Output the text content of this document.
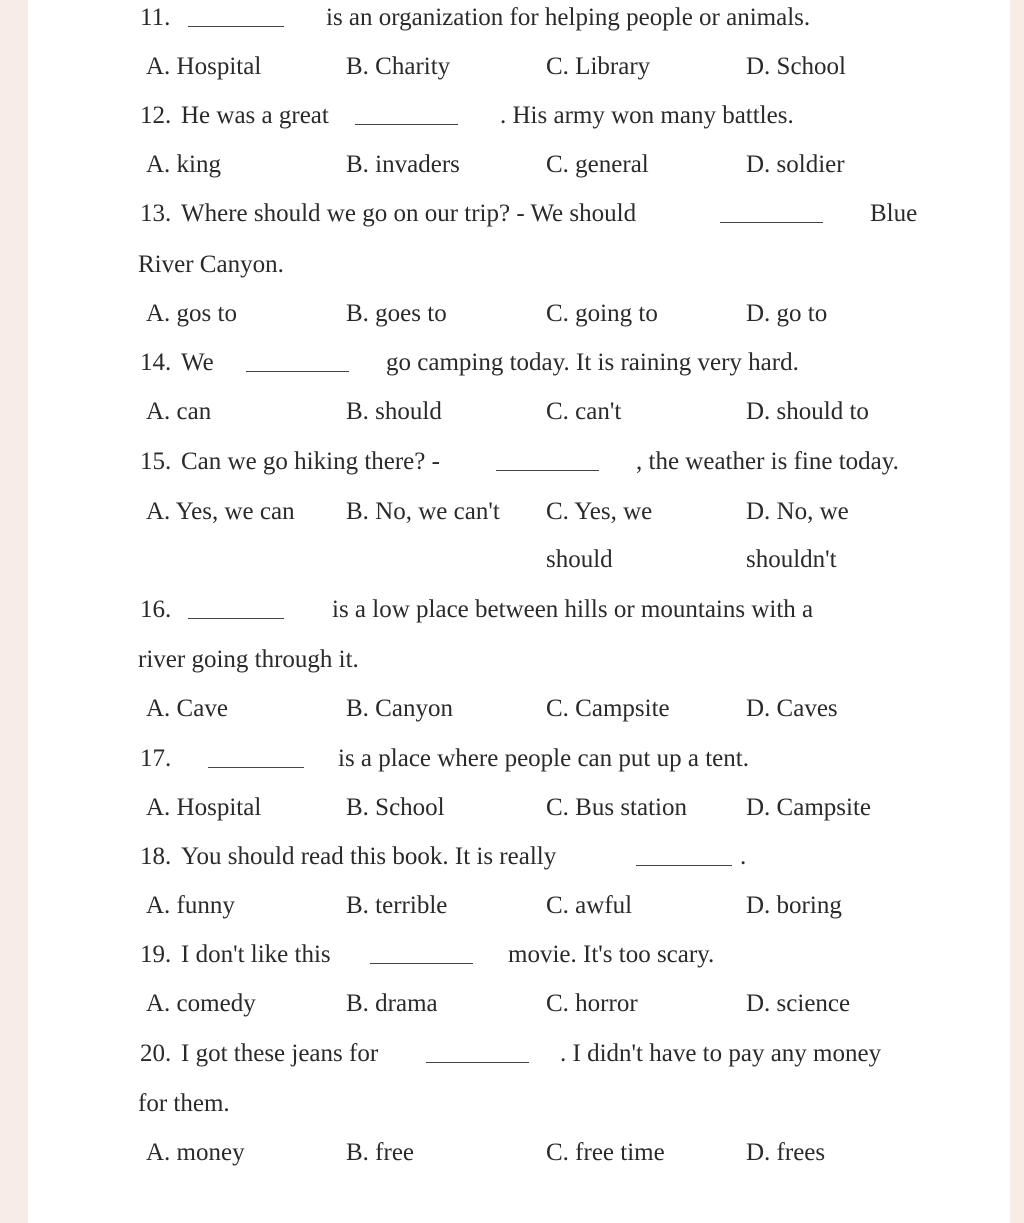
11.	is an organization for helping people or animals.
A. Hospital	B. Charity	C. Library	D. School
12. He was a great	. His army won many battles.
A. king	B. invaders	C. general	D. soldier
13. Where should we go on our trip? - We should	Blue
River Canyon.
A. gos to	B. goes to	C. going to	D. go to
14. We	go camping today. It is raining very hard.
A. can	B. should	C. can't	D. should to
15. Can we go hiking there? -	, the weather is fine today.
A. Yes, we can B. No, we can't C. Yes, we	D. No, we
should	shouldn't
16.	is a low place between hills or mountains with a
river going through it.
A. Cave	B. Canyon	C. Campsite	D. Caves
17.	is a place where people can put up a tent.
A. Hospital	B. School	C. Bus station D. Campsite
18. You should read this book. It is really	.
A. funny	B. terrible	C. awful	D. boring
19. I don't like this	movie. It's too scary.
A. comedy	B. drama	C. horror	D. science
20. I got these jeans for	. I didn't have to pay any money
for them.
A. money	B. free	C. free time	D. frees
